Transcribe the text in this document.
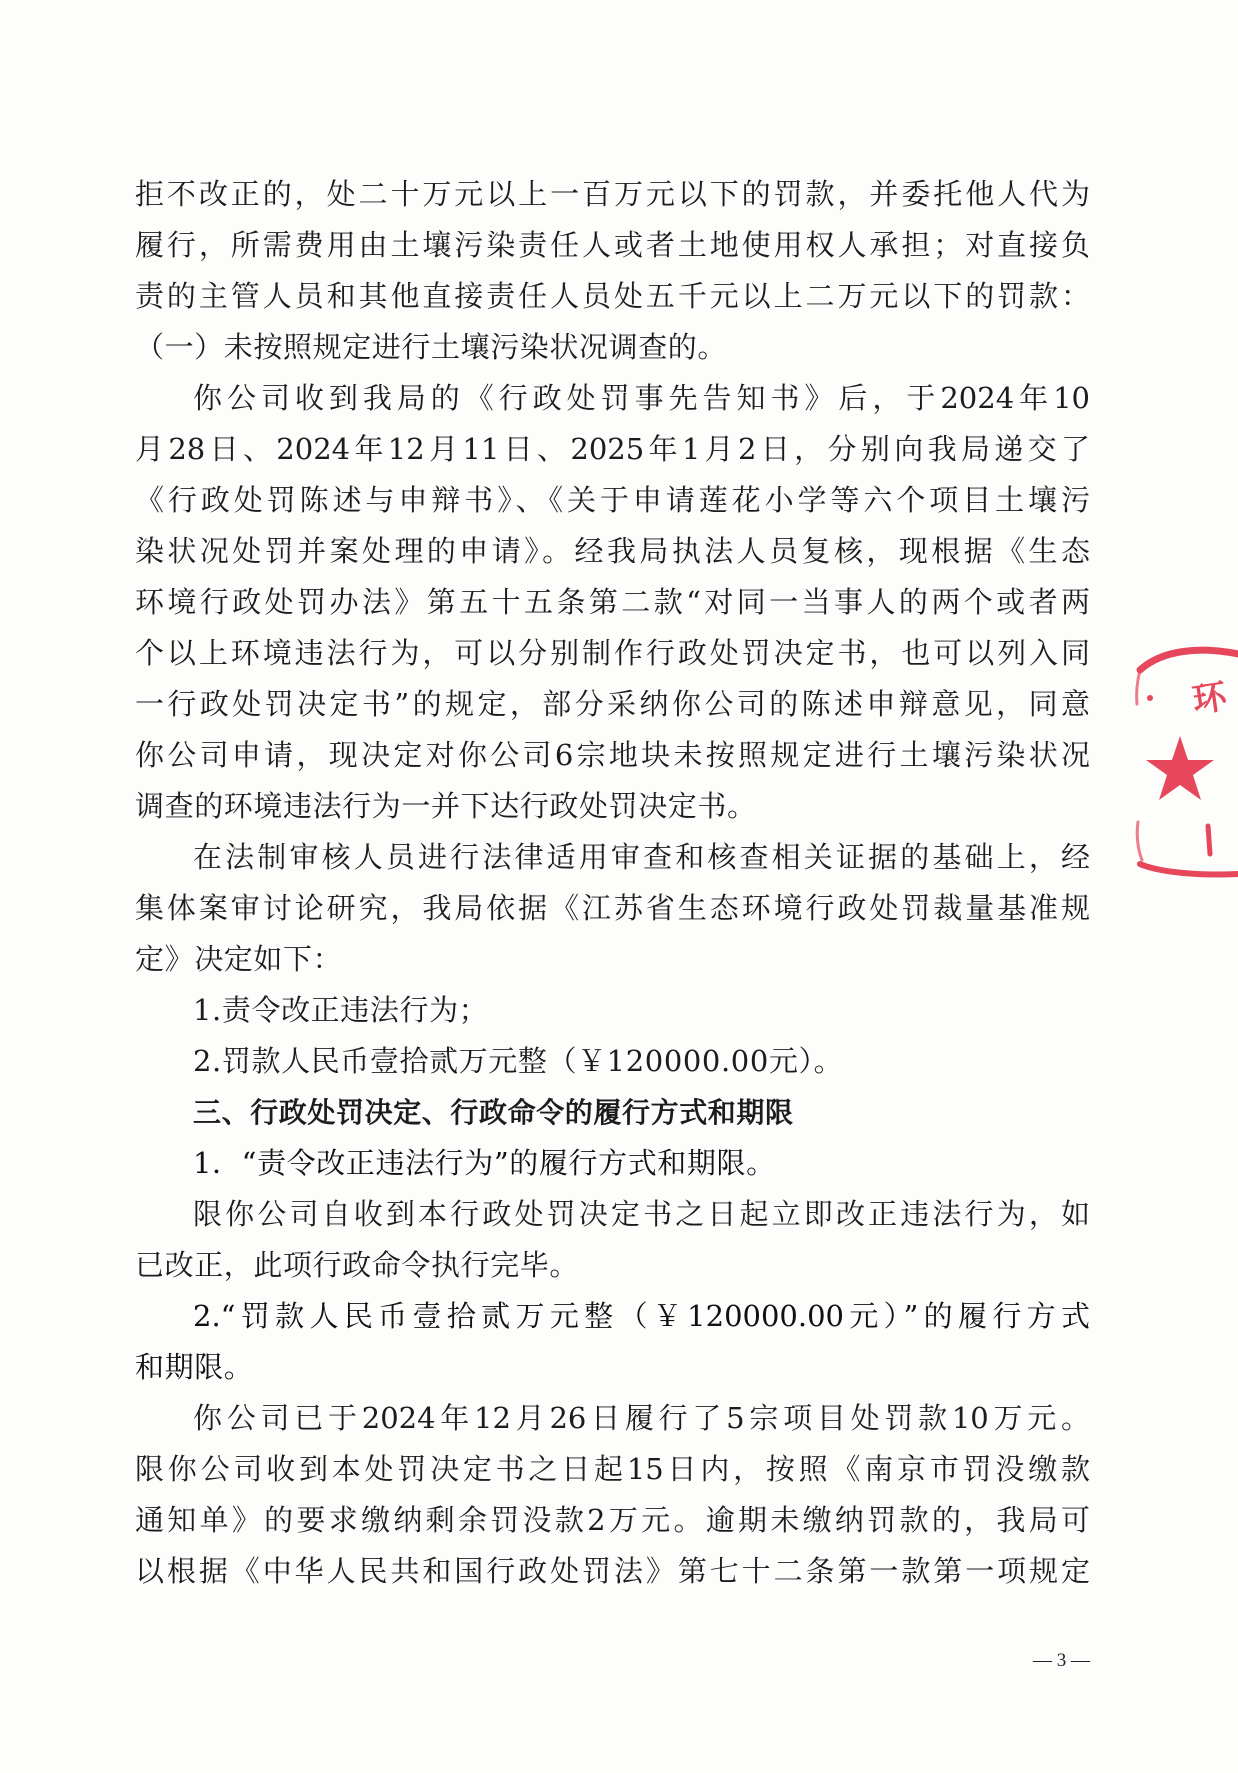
拒不改正的，处二十万元以上一百万元以下的罚款，并委托他人代为
履行，所需费用由土壤污染责任人或者土地使用权人承担；对直接负
责的主管人员和其他直接责任人员处五千元以上二万元以下的罚款：
（一）未按照规定进行土壤污染状况调查的。
你公司收到我局的《行政处罚事先告知书》后，于2024年10
月28日、2024年12月11日、2025年1月2日，分别向我局递交了
《行政处罚陈述与申辩书》、《关于申请莲花小学等六个项目土壤污
染状况处罚并案处理的申请》。经我局执法人员复核，现根据《生态
环境行政处罚办法》第五十五条第二款“对同一当事人的两个或者两
个以上环境违法行为，可以分别制作行政处罚决定书，也可以列入同
一行政处罚决定书”的规定，部分采纳你公司的陈述申辩意见，同意
你公司申请，现决定对你公司6宗地块未按照规定进行土壤污染状况
调查的环境违法行为一并下达行政处罚决定书。
在法制审核人员进行法律适用审查和核查相关证据的基础上，经
集体案审讨论研究，我局依据《江苏省生态环境行政处罚裁量基准规
定》决定如下：
1.责令改正违法行为；
2.罚款人民币壹拾贰万元整（￥120000.00元）。
三、行政处罚决定、行政命令的履行方式和期限
1．“责令改正违法行为”的履行方式和期限。
限你公司自收到本行政处罚决定书之日起立即改正违法行为，如
已改正，此项行政命令执行完毕。
2.“罚款人民币壹拾贰万元整（￥120000.00元）”的履行方式
和期限。
你公司已于2024年12月26日履行了5宗项目处罚款10万元。
限你公司收到本处罚决定书之日起15日内，按照《南京市罚没缴款
通知单》的要求缴纳剩余罚没款2万元。逾期未缴纳罚款的，我局可
以根据《中华人民共和国行政处罚法》第七十二条第一款第一项规定
环
— 3 —
